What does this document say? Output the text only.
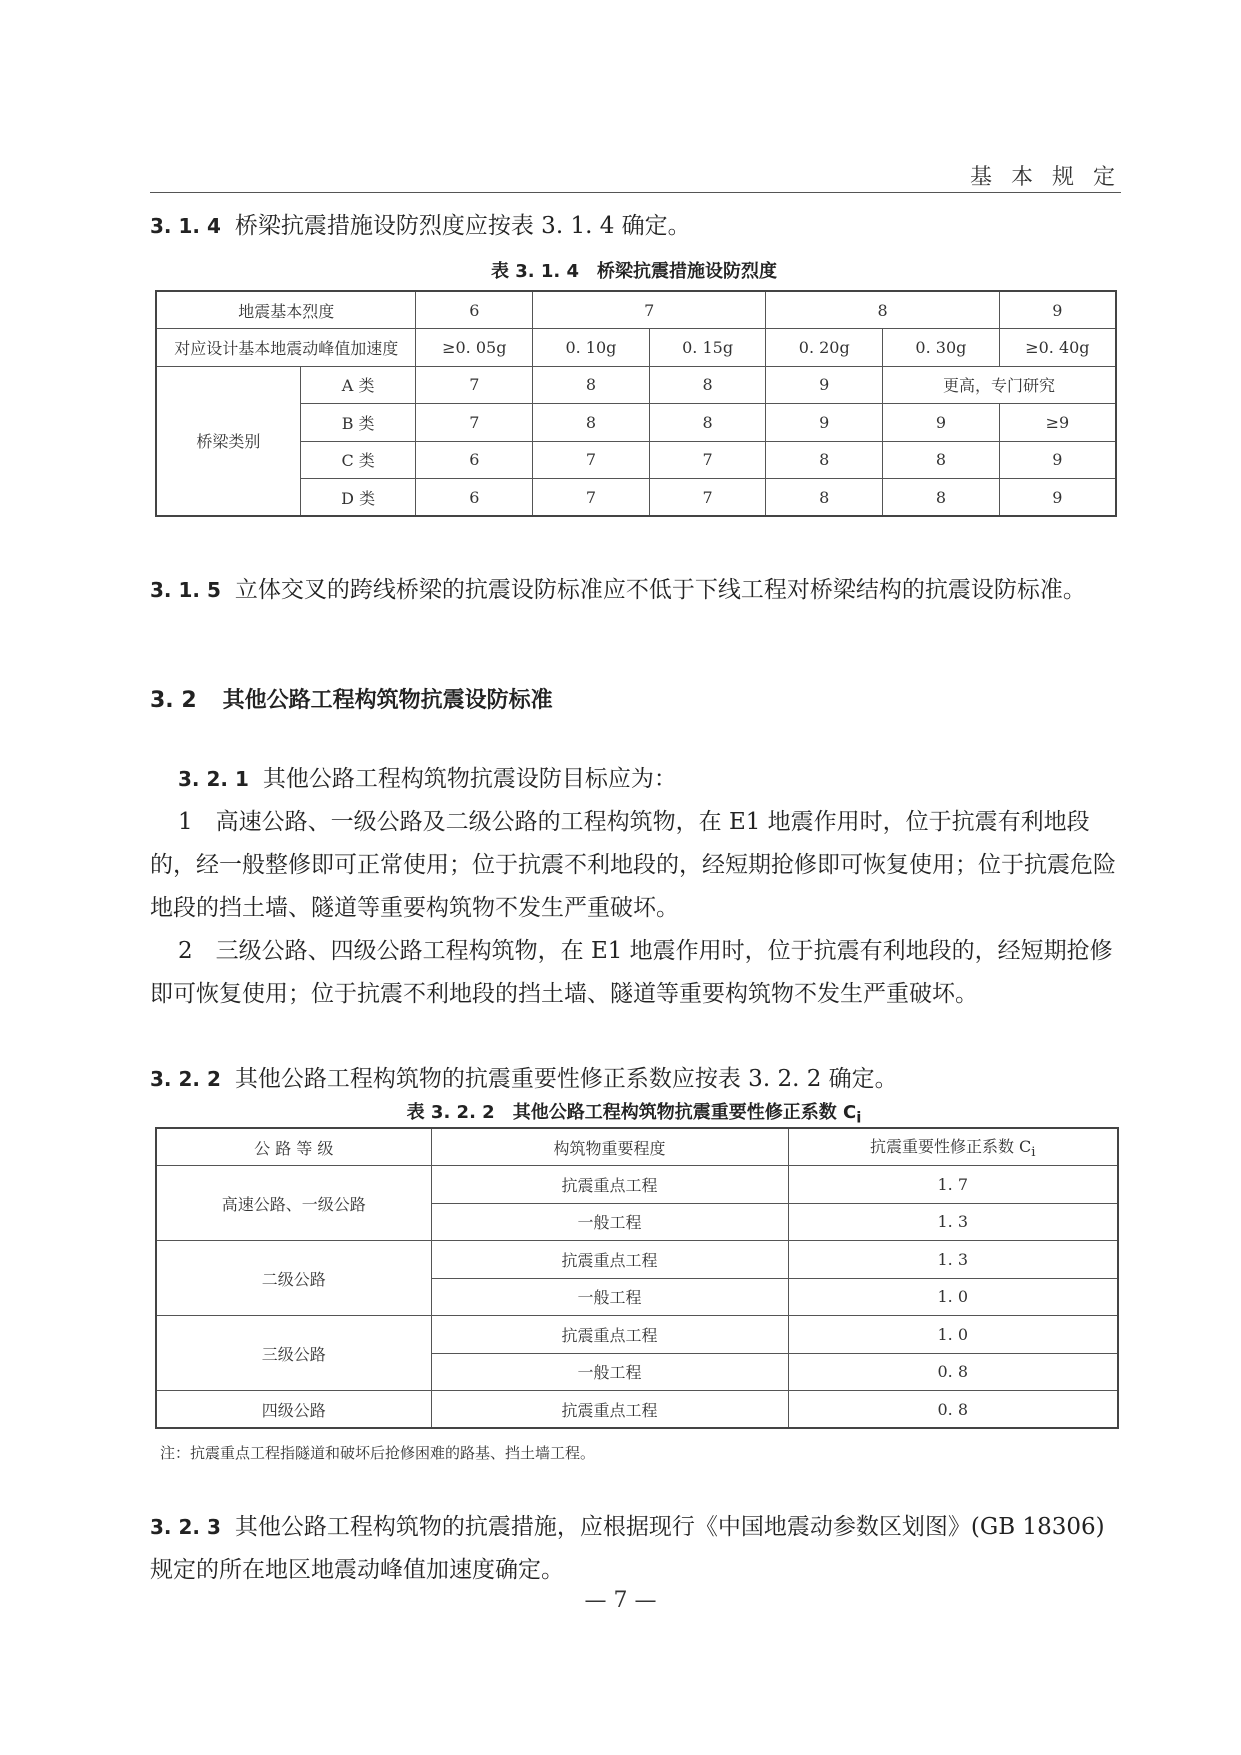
基 本 规 定
3. 1. 4 桥梁抗震措施设防烈度应按表 3. 1. 4 确定。
表 3. 1. 4　桥梁抗震措施设防烈度
地震基本烈度		6	7		8		9
对应设计基本地震动峰值加速度		≥0. 05g	0. 10g	0. 15g	0. 20g	0. 30g	≥0. 40g
桥梁类别	A 类	7	8	8	9	更高，专门研究	
	B 类	7	8	8	9	9	≥9
	C 类	6	7	7	8	8	9
	D 类	6	7	7	8	8	9
3. 1. 5 立体交叉的跨线桥梁的抗震设防标准应不低于下线工程对桥梁结构的抗震设防标准。
3. 2 其他公路工程构筑物抗震设防标准
3. 2. 1 其他公路工程构筑物抗震设防目标应为：
1　高速公路、一级公路及二级公路的工程构筑物，在 E1 地震作用时，位于抗震有利地段的，经一般整修即可正常使用；位于抗震不利地段的，经短期抢修即可恢复使用；位于抗震危险地段的挡土墙、隧道等重要构筑物不发生严重破坏。
2　三级公路、四级公路工程构筑物，在 E1 地震作用时，位于抗震有利地段的，经短期抢修即可恢复使用；位于抗震不利地段的挡土墙、隧道等重要构筑物不发生严重破坏。
3. 2. 2 其他公路工程构筑物的抗震重要性修正系数应按表 3. 2. 2 确定。
表 3. 2. 2　其他公路工程构筑物抗震重要性修正系数 $C_i$
公 路 等 级	构筑物重要程度	抗震重要性修正系数 $C_i$
高速公路、一级公路	抗震重点工程	1. 7
	一般工程	1. 3
二级公路	抗震重点工程	1. 3
	一般工程	1. 0
三级公路	抗震重点工程	1. 0
	一般工程	0. 8
四级公路	抗震重点工程	0. 8
注：抗震重点工程指隧道和破坏后抢修困难的路基、挡土墙工程。
3. 2. 3 其他公路工程构筑物的抗震措施，应根据现行《中国地震动参数区划图》(GB 18306) 规定的所在地区地震动峰值加速度确定。
— 7 —
